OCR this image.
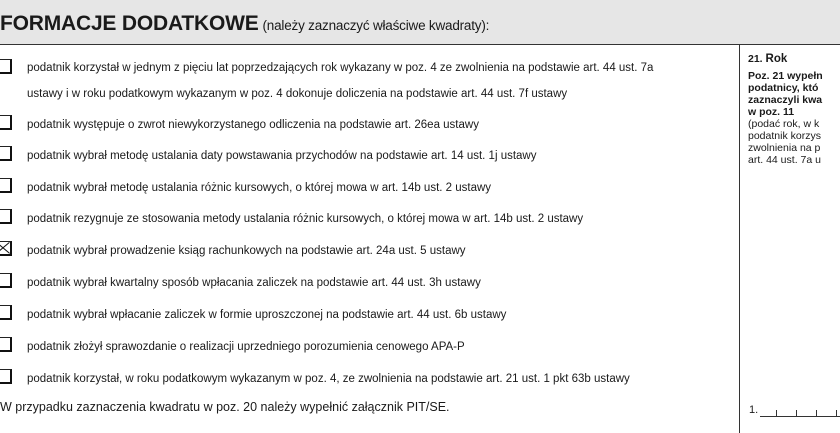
FORMACJE DODATKOWE (należy zaznaczyć właściwe kwadraty):
podatnik korzystał w jednym z pięciu lat poprzedzających rok wykazany w poz. 4 ze zwolnienia na podstawie art. 44 ust. 7a
ustawy i w roku podatkowym wykazanym w poz. 4 dokonuje doliczenia na podstawie art. 44 ust. 7f ustawy
podatnik występuje o zwrot niewykorzystanego odliczenia na podstawie art. 26ea ustawy
podatnik wybrał metodę ustalania daty powstawania przychodów na podstawie art. 14 ust. 1j ustawy
podatnik wybrał metodę ustalania różnic kursowych, o której mowa w art. 14b ust. 2 ustawy
podatnik rezygnuje ze stosowania metody ustalania różnic kursowych, o której mowa w art. 14b ust. 2 ustawy
podatnik wybrał prowadzenie ksiąg rachunkowych na podstawie art. 24a ust. 5 ustawy
podatnik wybrał kwartalny sposób wpłacania zaliczek na podstawie art. 44 ust. 3h ustawy
podatnik wybrał wpłacanie zaliczek w formie uproszczonej na podstawie art. 44 ust. 6b ustawy
podatnik złożył sprawozdanie o realizacji uprzedniego porozumienia cenowego APA-P
podatnik korzystał, w roku podatkowym wykazanym w poz. 4, ze zwolnienia na podstawie art. 21 ust. 1 pkt 63b ustawy
W przypadku zaznaczenia kwadratu w poz. 20 należy wypełnić załącznik PIT/SE.
21. Rok
Poz. 21 wypełn
podatnicy, któ
zaznaczyli kwa
w poz. 11
(podać rok, w k
podatnik korzys
zwolnienia na p
art. 44 ust. 7a u
1.
